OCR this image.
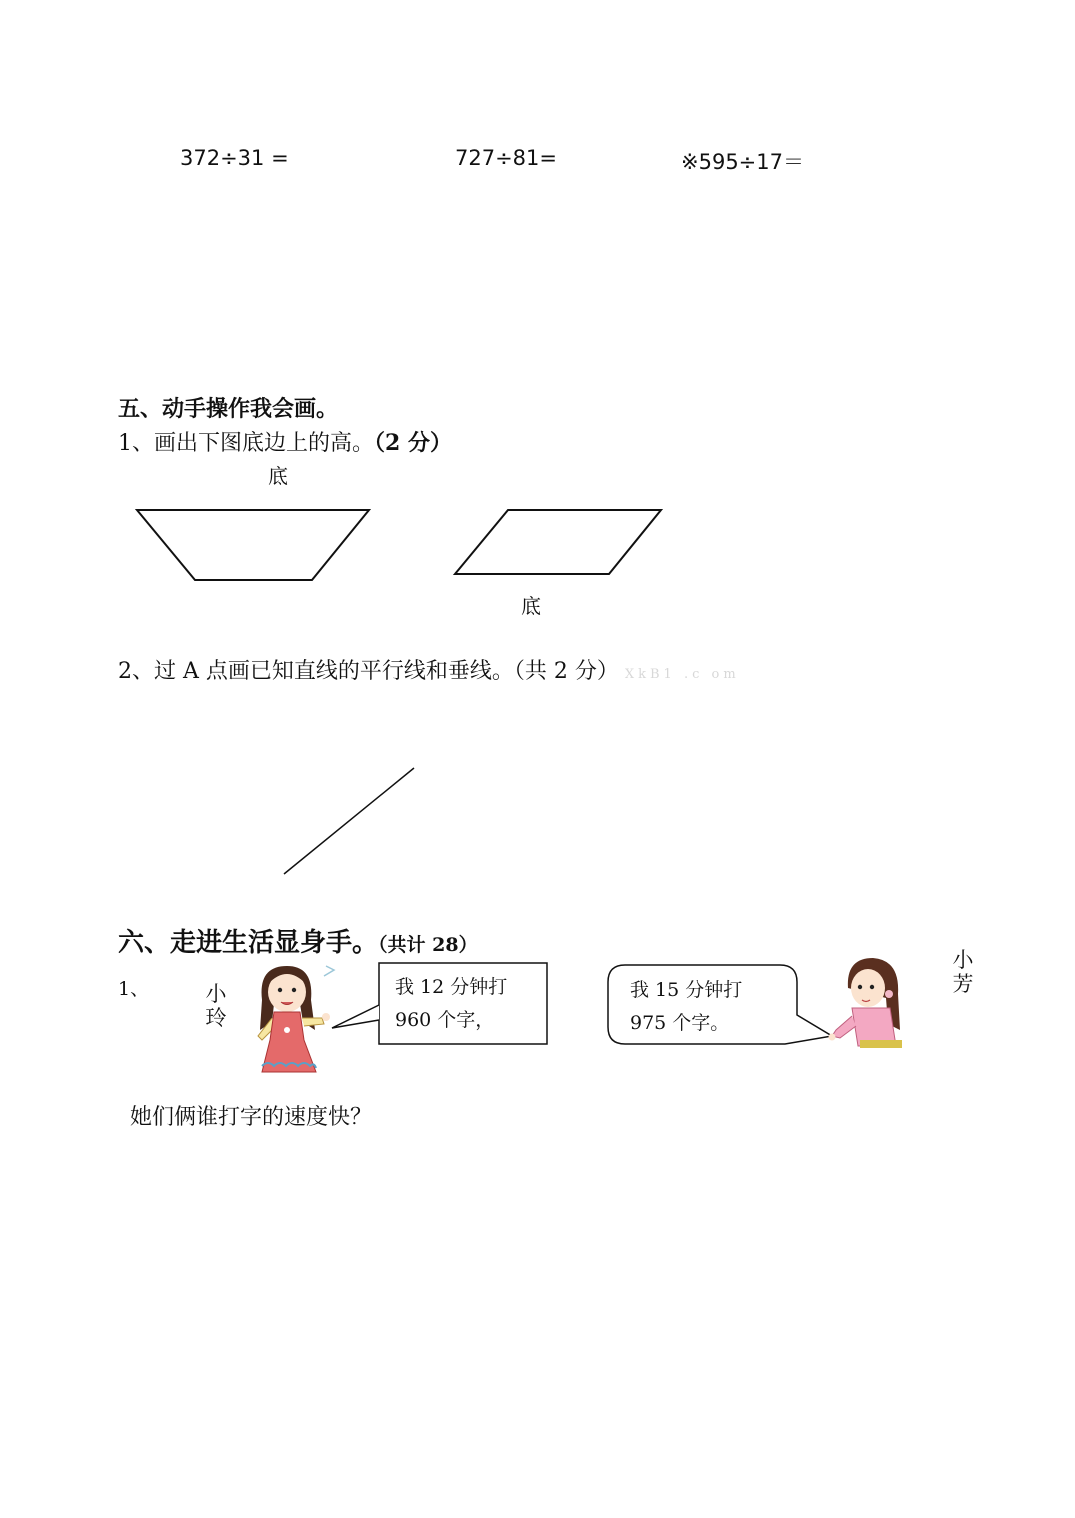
372÷31 =	727÷81=	※595÷17＝
五、动手操作我会画。
1、画出下图底边上的高。（2 分）
底
底
2、过 A 点画已知直线的平行线和垂线。（共 2 分） XkB1 .c om
六、走进生活显身手。（共计 28）
1、	小玲
小芳
我 12 分钟打
960 个字，
我 15 分钟打
975 个字。
她们俩谁打字的速度快？
